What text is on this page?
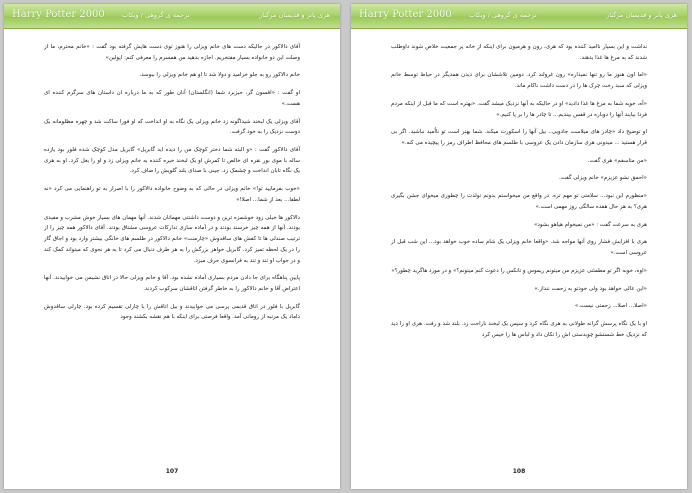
Harry Potter 2000	ترجمه ی گروهی / ویکاب	هری پاتر و قدیسان مرگبار

آقای دالاکور در حالیکه دست های خانم ویزلی را هنوز توی دست هایش گرفته بود گفت : «خانم محترم، ما از وصلت این دو خانواده بسیار مفتخریم. اجازه بدهید من همسرم را معرفی کنم: اپولین»

خانم دالاکور رو به جلو خرامید و دولا شد تا او هم خانم ویزلی را ببوسد.

او گفت : «افسون گر، حیزبرد شما (انگلستان) آنان طور که به ما درباره ان داستان های سرگرم کننده ای هست.»

آقای ویزلی یک لبخند شیداگونه زد خانم ویزلی یک نگاه به او انداخت که او فورا ساکت شد و چهره مظلومانه یک دوست نزدیک را به خود گرفت.

آقای دالاکور گفت : «و البته شما دختر کوچک من را دیده اید گابریل» گابریل مدل کوچک شده فلور بود یازده ساله با موی بور نقره ای خالص تا کمرش او یک لبخند خیره کننده به خانم ویزلی زد و او را بغل کرد. او به هری یک نگاه تابان انداخت و چشمک زد. جینی با صدای بلند گلویش را صاف کرد.

«خوب بفرمایید تو!» خانم ویزلی در حالی که به وضوح خانواده دالاکور را با اصرار به تو راهنمایی می کرد «نه لطفا... بعد از شما... اصلا!»

دالاکور ها خیلی زود خوشمزه ترین و دوست داشتنی مهمانان شدند. آنها مهمان های بسیار خوش مشرب و مفیدی بودند. آنها از همه چیز خرسند بودند و در آماده سازی تدارکات عروسی مشتاق بودند. آقای دالاکور همه چیز را از ترتیب صندلی ها تا کفش های ساقدوش «چارمنت» خانم دالاکور در طلسم های خانگی بیشتر وارد بود و اجاق گاز را در یک لحظه تمیز کرد. گابریل خواهر بزرگش را به هر طرف دنبال می کرد تا به هر نحوی که میتواند کمک کند و در جواب او تند و تند به فرانسوی حرف میزد.

پایین پناهگاه برای جا دادن مردم بسیاری آماده نشده بود. آقا و خانم ویزلی حالا در اتاق نشیمن می خوابیدند. آنها اعتراض آقا و خانم دالاکور را به خاطر گرفتن اتاقشان سرکوب کردند.

گابریل با فلور در اتاق قدیمی پرسی می خوابیدند و بیل اتاقش را با چارلی تقسیم کرده بود. چارلی ساقدوش داماد یک مرتبه از رومانی آمد. واقعا فرصتی برای اینکه با هم نقشه بکشند وجود

107
Harry Potter 2000	ترجمه ی گروهی / ویکاب	هری پاتر و قدیسان مرگبار

نداشت و این بسیار ناامید کننده بود که هری، رون و هرمیون برای اینکه از خانه پر جمعیت خلاص شوند داوطلب شدند که به مرغ ها غذا بدهند.

«اما اون هنوز ما رو تنها نمیذاره» رون غرولند کرد. دومین تلاششان برای دیدن همدیگر در حیاط توسط خانم ویزلی که سبد رخت چرک ها را در دست داشت ناکام ماند.

«آه، خوبه شما به مرغ ها غذا دادید» او در حالیکه به آنها نزدیک میشد گفت. «بهتره است که ما قبل از اینکه مردم فردا بیایند آنها را دوباره در قفس بیندیم... تا چادر ها را بر پا کنیم.»

او توضیح داد «چادر های میلاست جادویی.. بیل آنها را اسکورت میکند. شما بهتر است تو نااُمید نباشید. اگر بی قرار هستید ... میدونی هری سازمان دادن یک عروسی با طلسم های محافظ اطراف رمز را پیچیده می کنه.»

«من متاسفم» هری گفت.

«احمق نشو عزیزم» خانم ویزلی گفت.

«منظورم این نبود... سلامتی تو مهم تره. در واقع من میخواستم بدونم تولدت را چطوری میخوای جشن بگیری هری؟ به هر حال هفده سالگی روز مهمی است.»

هری به سرعت گفت : «من نمیخوام هیاهو بشود»

هری با افزایش فشار روی آنها مواجه شد. «واقعا خانم ویزلی یک شام ساده خوب خواهد بود... این شب قبل از عروسی است.»

«اوه، خوبه اگر تو مطمئنی عزیزم من میتونم ریموس و تانکس را دعوت کنم میتونم؟» و در مورد هاگرید چطور؟»

«این عالی خواهد بود ولی خودتو به زحمت ننداز.»

«اصلا... اصلا... زحمتی نیست.»

او با یک نگاه پرسش گرانه طولانی به هری نگاه کرد و سپس یک لبخند ناراحت زد. بلند شد و رفت. هری او را دید که نزدیک خط شستشو چوبدستی اش را تکان داد و لباس ها را خیس کرد

108
